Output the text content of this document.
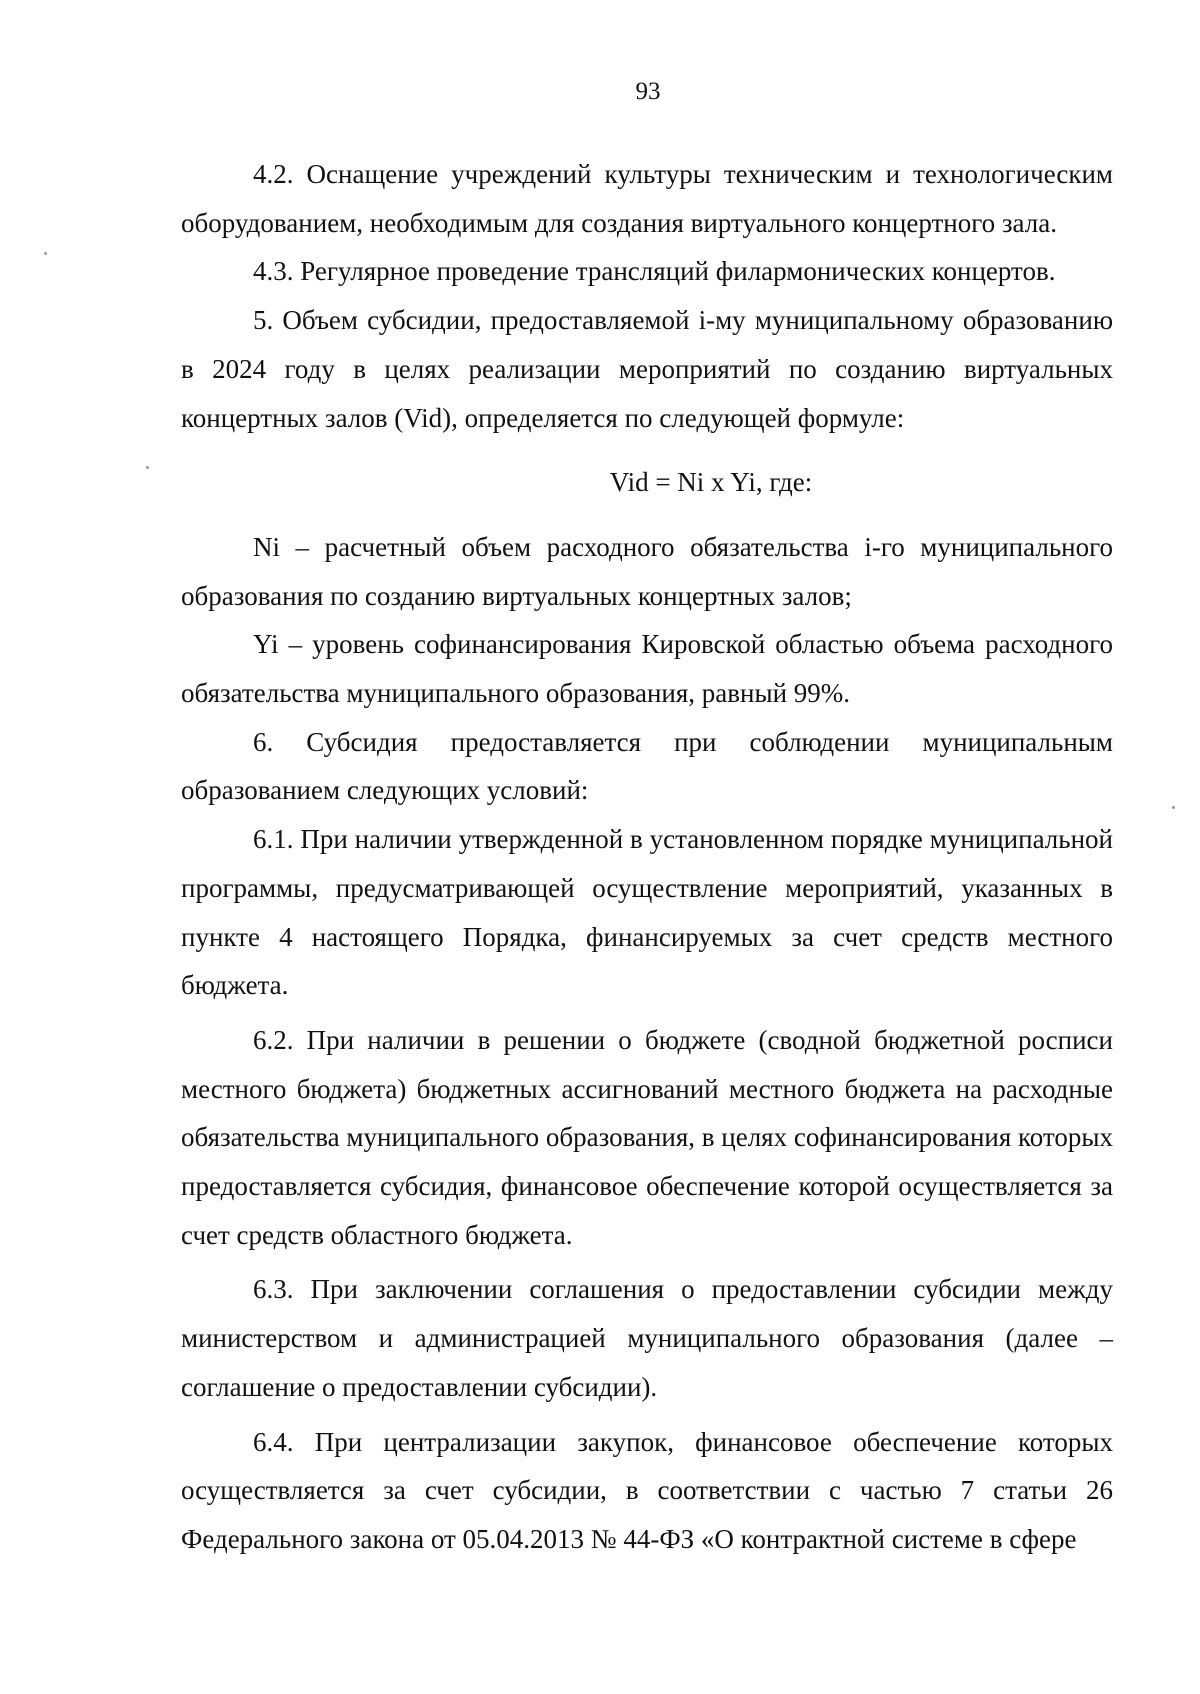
93

4.2. Оснащение учреждений культуры техническим и технологическим оборудованием, необходимым для создания виртуального концертного зала.

4.3. Регулярное проведение трансляций филармонических концертов.

5. Объем субсидии, предоставляемой i-му муниципальному образованию в 2024 году в целях реализации мероприятий по созданию виртуальных концертных залов (Vid), определяется по следующей формуле:

Vid = Ni x Yi, где:

Ni – расчетный объем расходного обязательства i-го муниципального образования по созданию виртуальных концертных залов;

Yi – уровень софинансирования Кировской областью объема расходного обязательства муниципального образования, равный 99%.

6. Субсидия предоставляется при соблюдении муниципальным образованием следующих условий:

6.1. При наличии утвержденной в установленном порядке муниципальной программы, предусматривающей осуществление мероприятий, указанных в пункте 4 настоящего Порядка, финансируемых за счет средств местного бюджета.

6.2. При наличии в решении о бюджете (сводной бюджетной росписи местного бюджета) бюджетных ассигнований местного бюджета на расходные обязательства муниципального образования, в целях софинансирования которых предоставляется субсидия, финансовое обеспечение которой осуществляется за счет средств областного бюджета.

6.3. При заключении соглашения о предоставлении субсидии между министерством и администрацией муниципального образования (далее – соглашение о предоставлении субсидии).

6.4. При централизации закупок, финансовое обеспечение которых осуществляется за счет субсидии, в соответствии с частью 7 статьи 26 Федерального закона от 05.04.2013 № 44-ФЗ «О контрактной системе в сфере
